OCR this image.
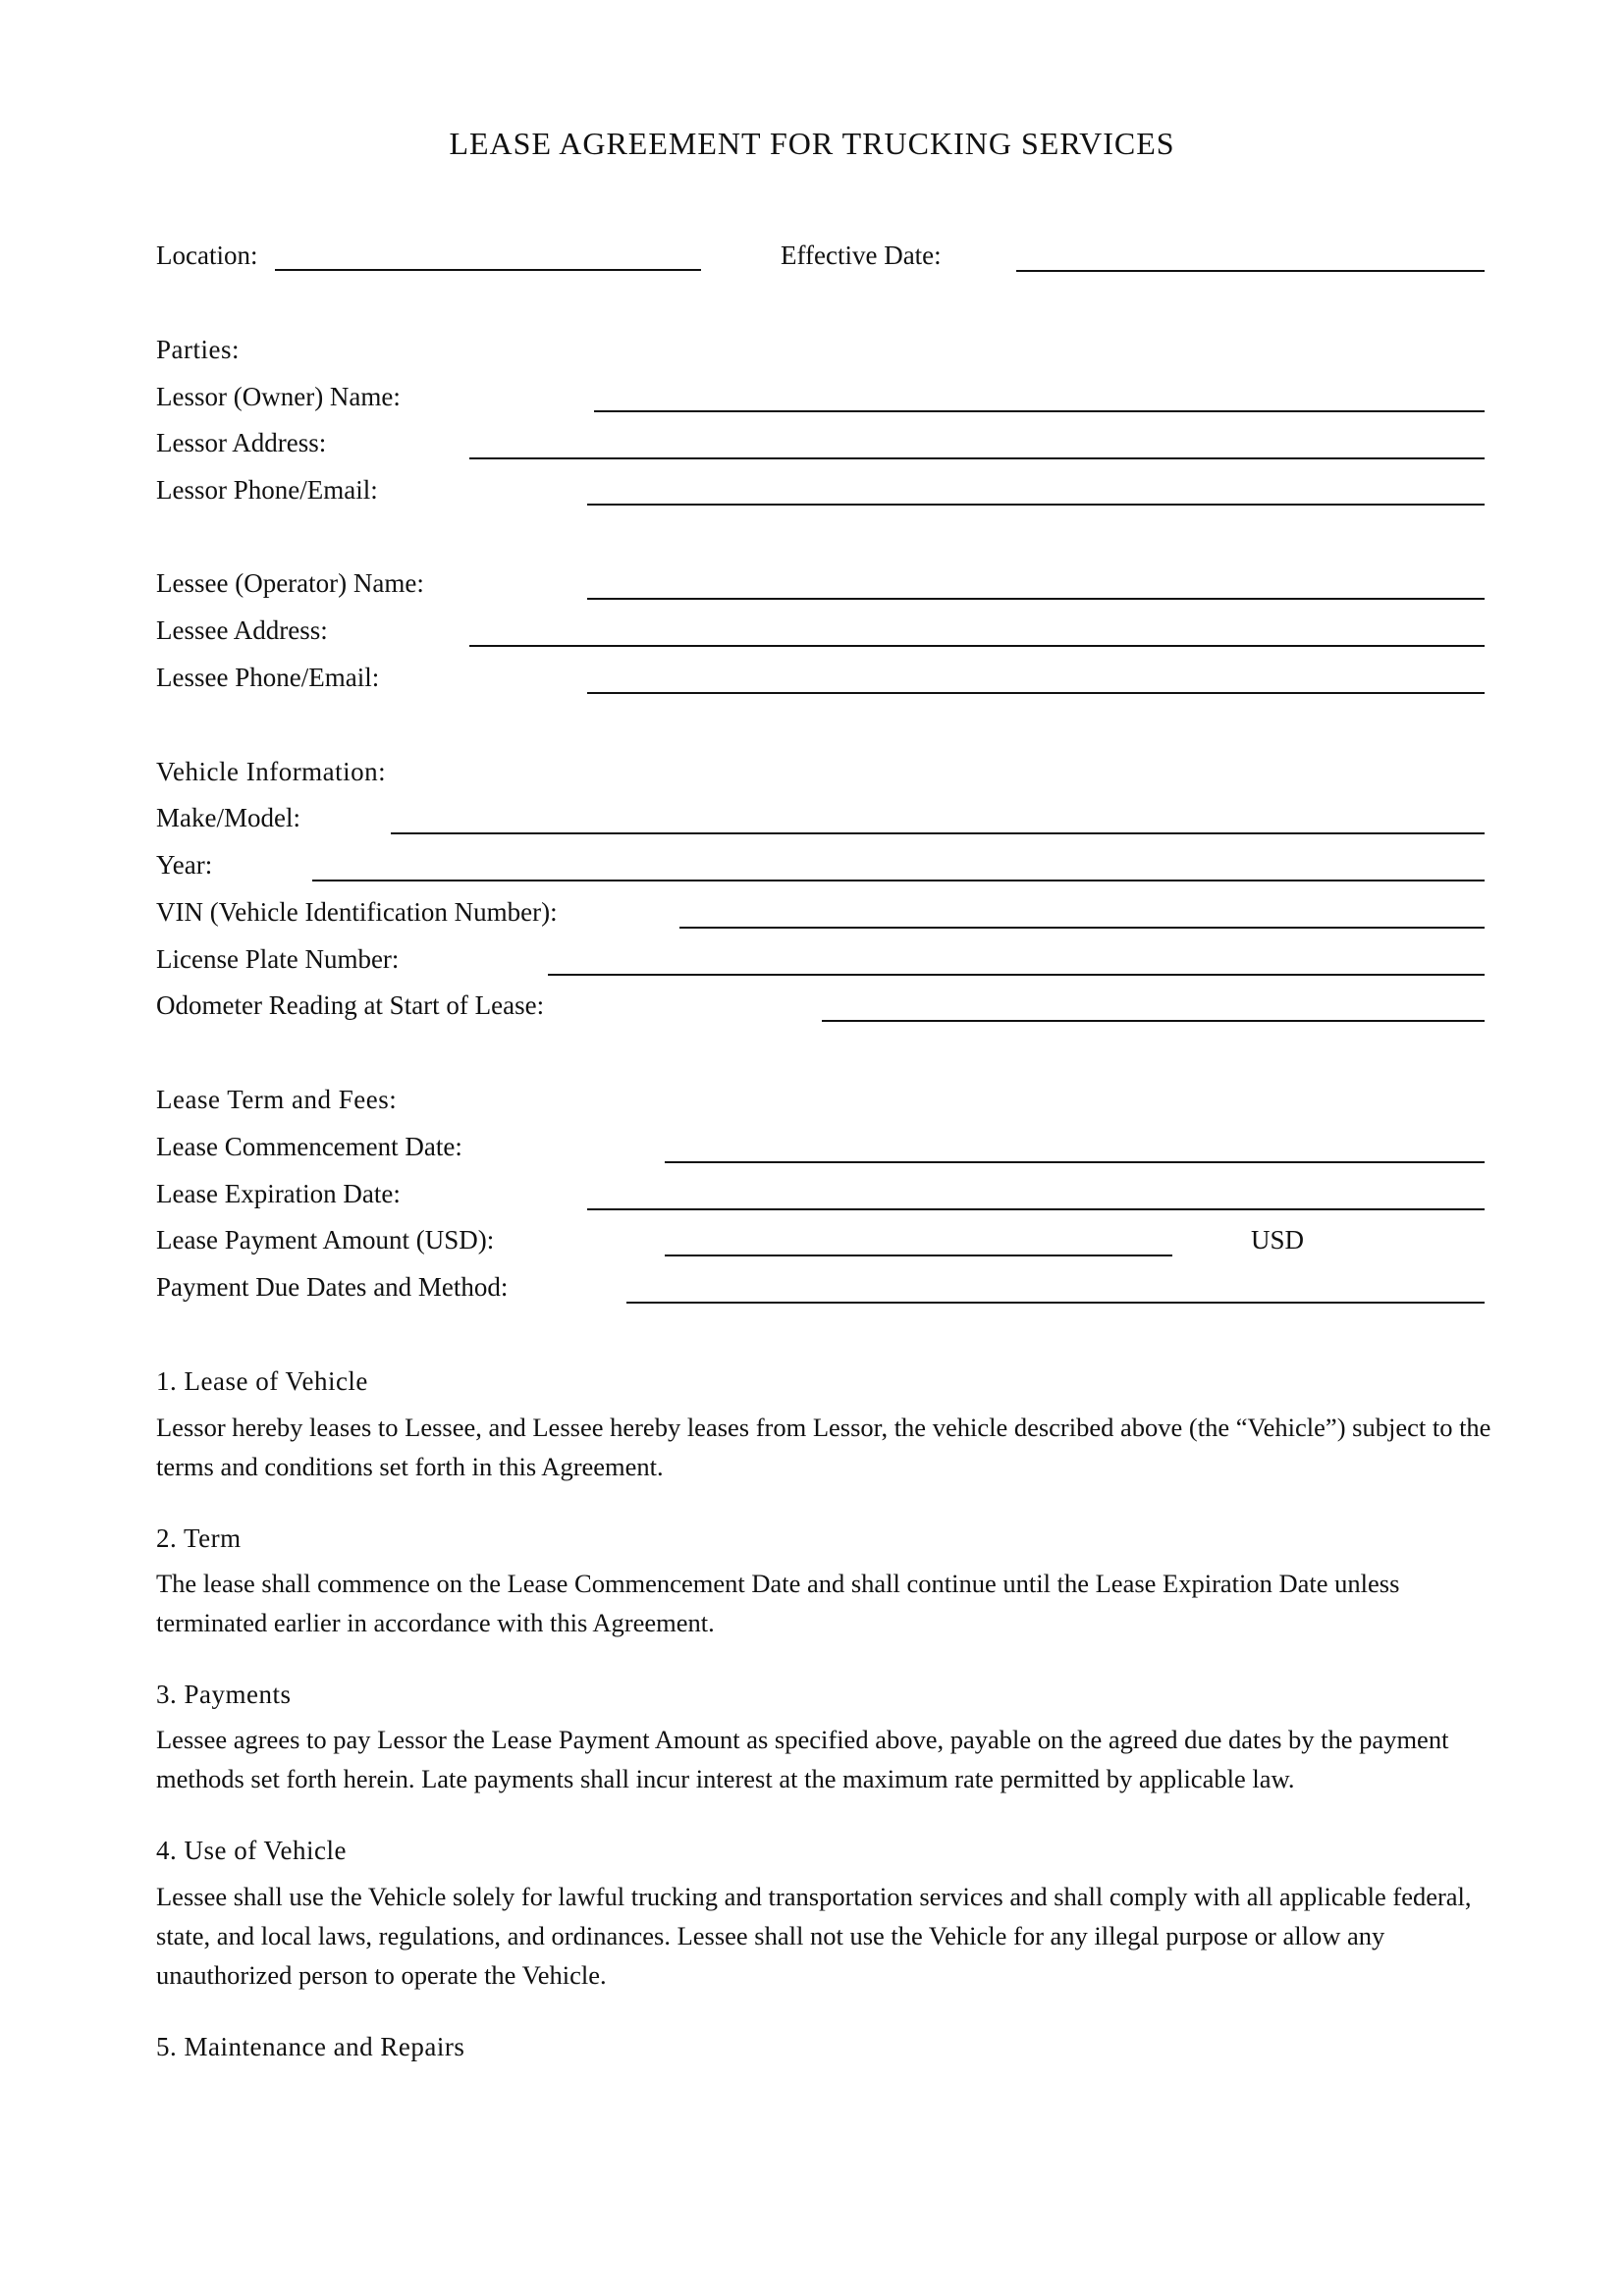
LEASE AGREEMENT FOR TRUCKING SERVICES
Location:	Effective Date:
Parties:
Lessor (Owner) Name:
Lessor Address:
Lessor Phone/Email:
Lessee (Operator) Name:
Lessee Address:
Lessee Phone/Email:
Vehicle Information:
Make/Model:
Year:
VIN (Vehicle Identification Number):
License Plate Number:
Odometer Reading at Start of Lease:
Lease Term and Fees:
Lease Commencement Date:
Lease Expiration Date:
Lease Payment Amount (USD):	USD
Payment Due Dates and Method:
1. Lease of Vehicle

Lessor hereby leases to Lessee, and Lessee hereby leases from Lessor, the vehicle described above (the “Vehicle”) subject to the terms and conditions set forth in this Agreement.

2. Term

The lease shall commence on the Lease Commencement Date and shall continue until the Lease Expiration Date unless terminated earlier in accordance with this Agreement.

3. Payments

Lessee agrees to pay Lessor the Lease Payment Amount as specified above, payable on the agreed due dates by the payment methods set forth herein. Late payments shall incur interest at the maximum rate permitted by applicable law.

4. Use of Vehicle

Lessee shall use the Vehicle solely for lawful trucking and transportation services and shall comply with all applicable federal, state, and local laws, regulations, and ordinances. Lessee shall not use the Vehicle for any illegal purpose or allow any unauthorized person to operate the Vehicle.

5. Maintenance and Repairs
